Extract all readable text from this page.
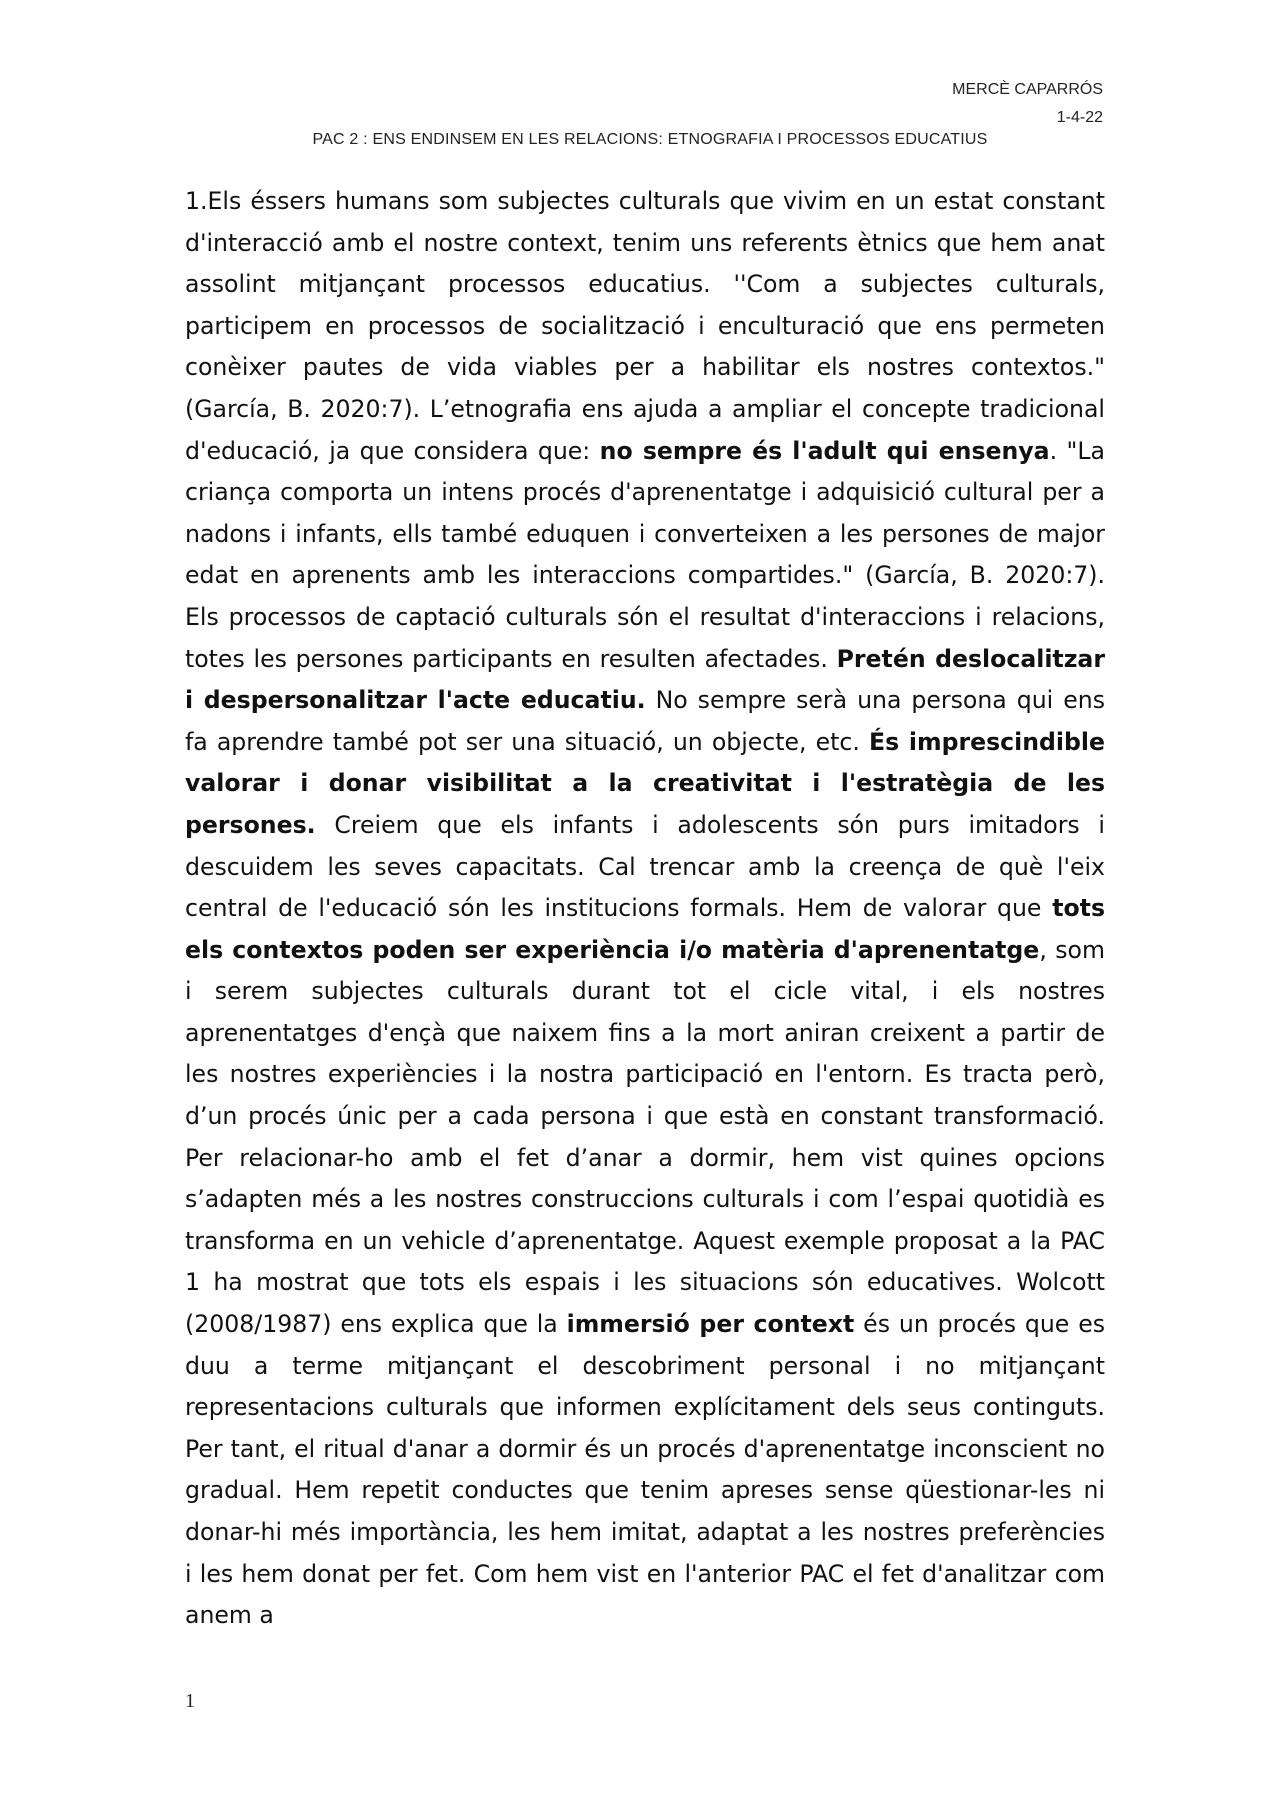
MERCÈ CAPARRÓS
1-4-22
PAC 2 : ENS ENDINSEM EN LES RELACIONS: ETNOGRAFIA I PROCESSOS EDUCATIUS
1.Els éssers humans som subjectes culturals que vivim en un estat constant d'interacció amb el nostre context, tenim uns referents ètnics que hem anat assolint mitjançant processos educatius. ''Com a subjectes culturals, participem en processos de socialització i enculturació que ens permeten conèixer pautes de vida viables per a habilitar els nostres contextos." (García, B. 2020:7). L’etnografia ens ajuda a ampliar el concepte tradicional d'educació, ja que considera que: no sempre és l'adult qui ensenya. "La criança comporta un intens procés d'aprenentatge i adquisició cultural per a nadons i infants, ells també eduquen i converteixen a les persones de major edat en aprenents amb les interaccions compartides." (García, B. 2020:7). Els processos de captació culturals són el resultat d'interaccions i relacions, totes les persones participants en resulten afectades. Pretén deslocalitzar i despersonalitzar l'acte educatiu. No sempre serà una persona qui ens fa aprendre també pot ser una situació, un objecte, etc. És imprescindible valorar i donar visibilitat a la creativitat i l'estratègia de les persones. Creiem que els infants i adolescents són purs imitadors i descuidem les seves capacitats. Cal trencar amb la creença de què l'eix central de l'educació són les institucions formals. Hem de valorar que tots els contextos poden ser experiència i/o matèria d'aprenentatge, som i serem subjectes culturals durant tot el cicle vital, i els nostres aprenentatges d'ençà que naixem fins a la mort aniran creixent a partir de les nostres experiències i la nostra participació en l'entorn. Es tracta però, d’un procés únic per a cada persona i que està en constant transformació. Per relacionar-ho amb el fet d’anar a dormir, hem vist quines opcions s’adapten més a les nostres construccions culturals i com l’espai quotidià es transforma en un vehicle d’aprenentatge. Aquest exemple proposat a la PAC 1 ha mostrat que tots els espais i les situacions són educatives. Wolcott (2008/1987) ens explica que la immersió per context és un procés que es duu a terme mitjançant el descobriment personal i no mitjançant representacions culturals que informen explícitament dels seus continguts. Per tant, el ritual d'anar a dormir és un procés d'aprenentatge inconscient no gradual. Hem repetit conductes que tenim apreses sense qüestionar-les ni donar-hi més importància, les hem imitat, adaptat a les nostres preferències i les hem donat per fet. Com hem vist en l'anterior PAC el fet d'analitzar com anem a
1
